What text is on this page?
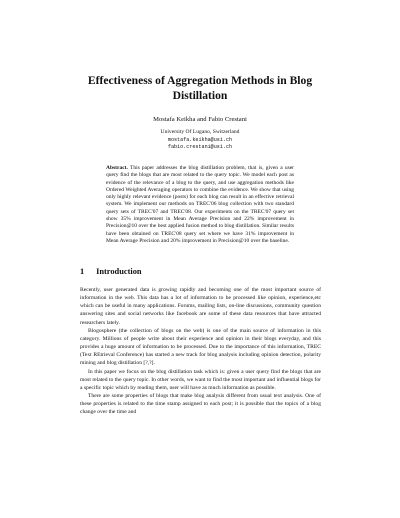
Effectiveness of Aggregation Methods in Blog
Distillation
Mostafa Keikha and Fabio Crestani
University Of Lugano, Switzerland
mostafa.keikha@usi.ch
fabio.crestani@usi.ch
Abstract. This paper addresses the blog distillation problem, that is, given a user query find the blogs that are most related to the query topic. We model each post as evidence of the relevance of a blog to the query, and use aggregation methods like Ordered Weighted Averaging operators to combine the evidence. We show that using only highly relevant evidence (posts) for each blog can result in an effective retrieval system. We implement our methods on TREC'06 blog collection with two standard query sets of TREC'07 and TREC'08. Our experiments on the TREC'07 query set show 35% improvement in Mean Average Precision and 22% improvement in Precision@10 over the best applied fusion method to blog distillation. Similar results have been obtained on TREC'08 query set where we have 31% improvement in Mean Average Precision and 20% improvement in Precision@10 over the baseline.
1 Introduction

Recently, user generated data is growing rapidly and becoming one of the most important source of information in the web. This data has a lot of information to be processed like opinion, experience,etc which can be useful in many applications. Forums, mailing lists, on-line discussions, community question answering sites and social networks like facebook are some of these data resources that have attracted researchers lately.

Blogosphere (the collection of blogs on the web) is one of the main source of information in this category. Millions of people write about their experience and opinion in their blogs everyday, and this provides a huge amount of information to be processed. Due to the importance of this information, TREC (Text REtrieval Conference) has started a new track for blog analysis including opinion detection, polarity mining and blog distillation [?,?].

In this paper we focus on the blog distillation task which is: given a user query find the blogs that are most related to the query topic. In other words, we want to find the most important and influential blogs for a specific topic which by reading them, user will have as much information as possible.

There are some properties of blogs that make blog analysis different from usual text analysis. One of these properties is related to the time stamp assigned to each post; it is possible that the topics of a blog change over the time and
